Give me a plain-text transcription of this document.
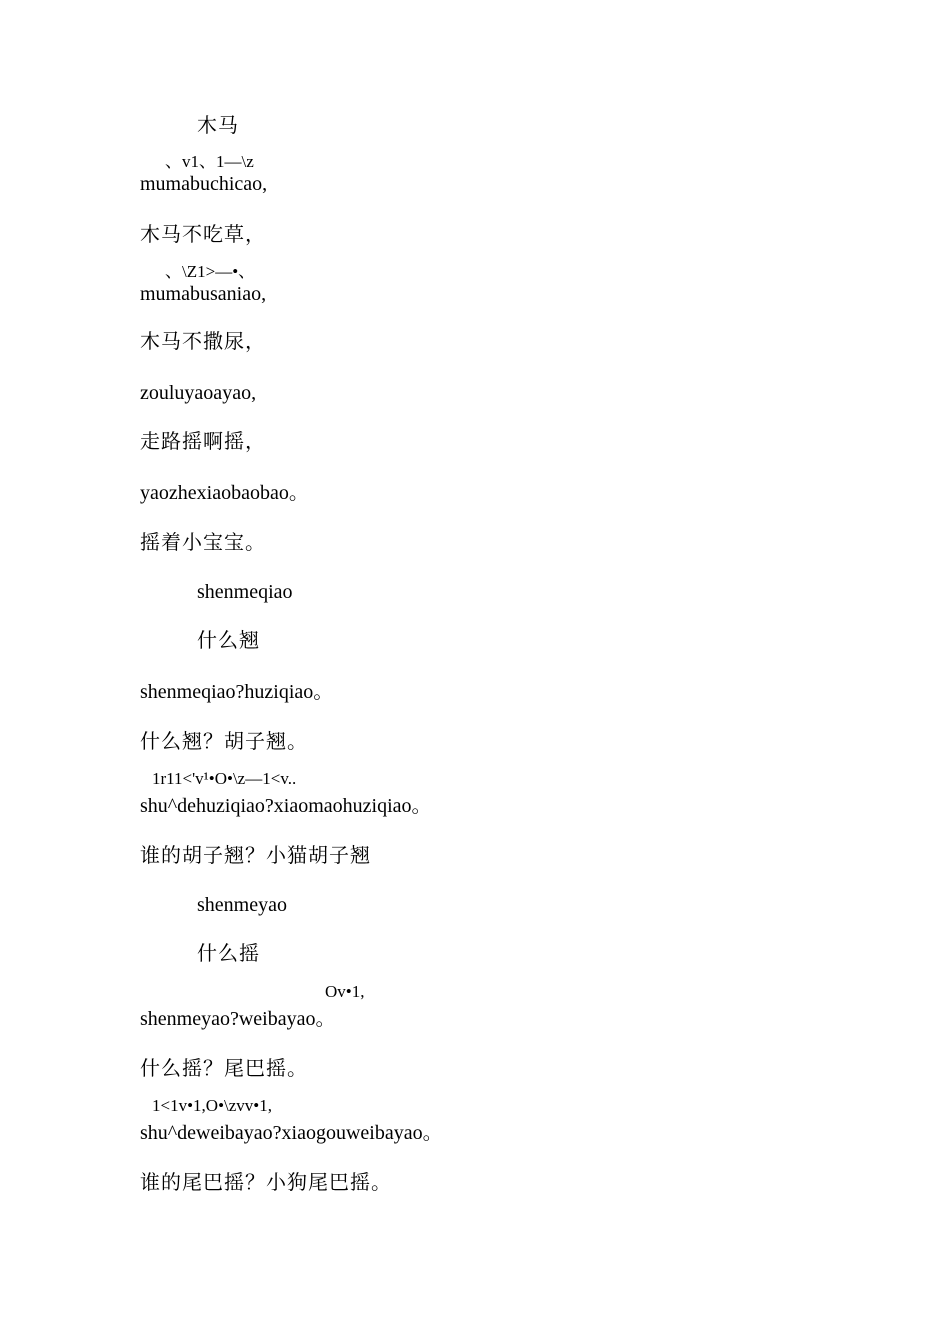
木马
、v1、1—\z
mumabuchicao,
木马不吃草，
、\Z1>—•、
mumabusaniao,
木马不撒尿，
zouluyaoayao,
走路摇啊摇，
yaozhexiaobaobao。
摇着小宝宝。
shenmeqiao
什么翘
shenmeqiao?huziqiao。
什么翘？胡子翘。
1r11<'v¹•O•\z—1<v..
shu^dehuziqiao?xiaomaohuziqiao。
谁的胡子翘？小猫胡子翘
shenmeyao
什么摇
Ov•1,
shenmeyao?weibayao。
什么摇？尾巴摇。
1<1v•1,O•\zvv•1,
shu^deweibayao?xiaogouweibayao。
谁的尾巴摇？小狗尾巴摇。
